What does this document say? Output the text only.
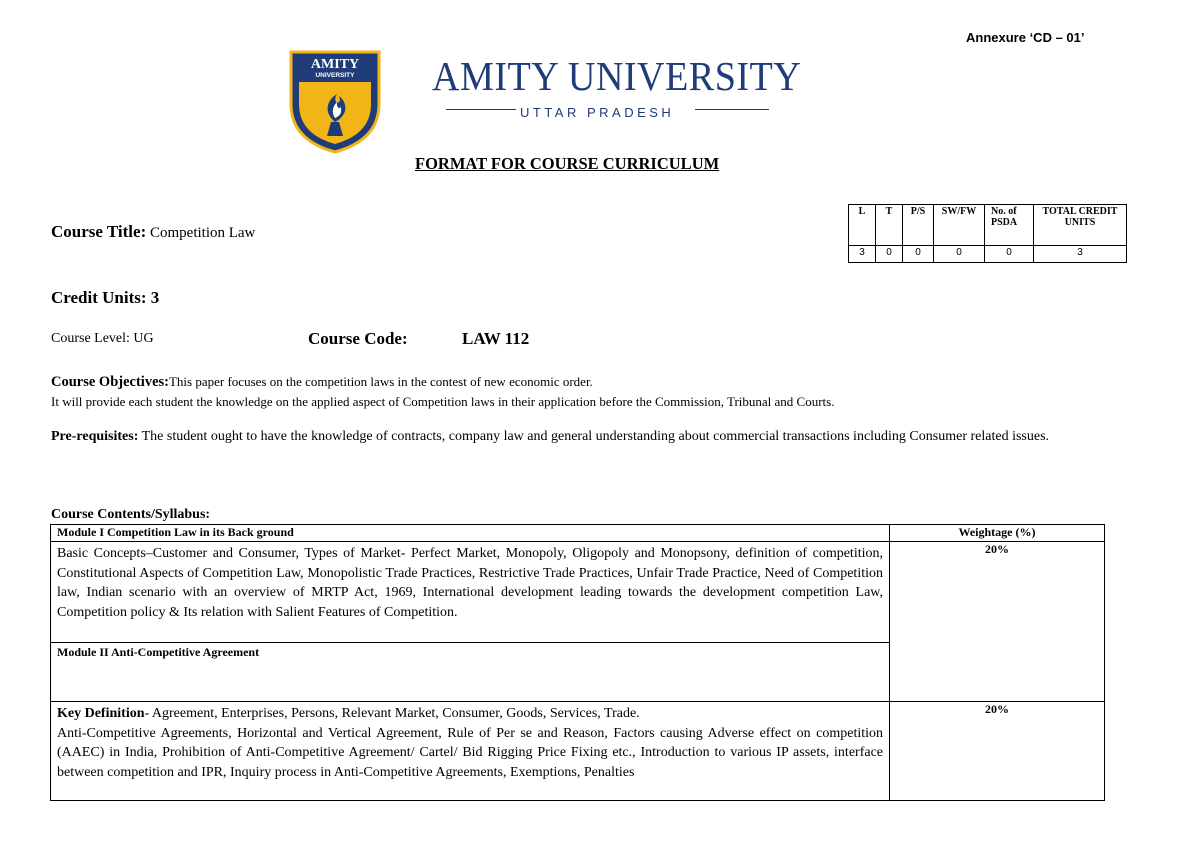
Annexure ‘CD – 01’
AMITY
UNIVERSITY AMITY UNIVERSITY
UTTAR PRADESH
FORMAT FOR COURSE CURRICULUM
Course Title: Competition Law
L	T	P/S	SW/FW	No. of PSDA	TOTAL CREDIT UNITS
3	0	0	0	0	3
Credit Units: 3
Course Level: UG	Course Code:	LAW 112
Course Objectives:This paper focuses on the competition laws in the contest of new economic order.
It will provide each student the knowledge on the applied aspect of Competition laws in their application before the Commission, Tribunal and Courts.
Pre-requisites: The student ought to have the knowledge of contracts, company law and general understanding about commercial transactions including Consumer related issues.
Course Contents/Syllabus:
Module I Competition Law in its Back ground	Weightage (%)
Basic Concepts–Customer and Consumer, Types of Market- Perfect Market, Monopoly, Oligopoly and Monopsony, definition of competition, Constitutional Aspects of Competition Law, Monopolistic Trade Practices, Restrictive Trade Practices, Unfair Trade Practice, Need of Competition law, Indian scenario with an overview of MRTP Act, 1969, International development leading towards the development competition Law, Competition policy & Its relation with Salient Features of Competition.	20%
Module II Anti-Competitive Agreement	

Key Definition- Agreement, Enterprises, Persons, Relevant Market, Consumer, Goods, Services, Trade.
Anti-Competitive Agreements, Horizontal and Vertical Agreement, Rule of Per se and Reason, Factors causing Adverse effect on competition (AAEC) in India, Prohibition of Anti-Competitive Agreement/ Cartel/ Bid Rigging Price Fixing etc., Introduction to various IP assets, interface between competition and IPR, Inquiry process in Anti-Competitive Agreements, Exemptions, Penalties	20%
